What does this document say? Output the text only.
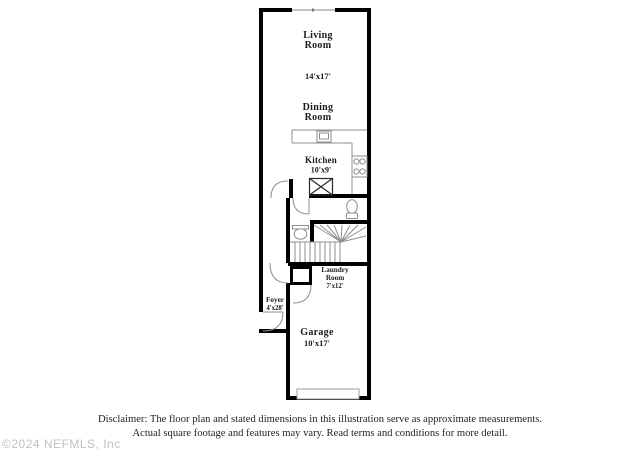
Living
Room
14'x17'
Dining
Room
Kitchen
10'x9'
Laundry
Room
7'x12'
Foyer
4'x28'
Garage
10'x17'
Disclaimer: The floor plan and stated dimensions in this illustration serve as approximate measurements.
Actual square footage and features may vary. Read terms and conditions for more detail.
©2024 NEFMLS, Inc
